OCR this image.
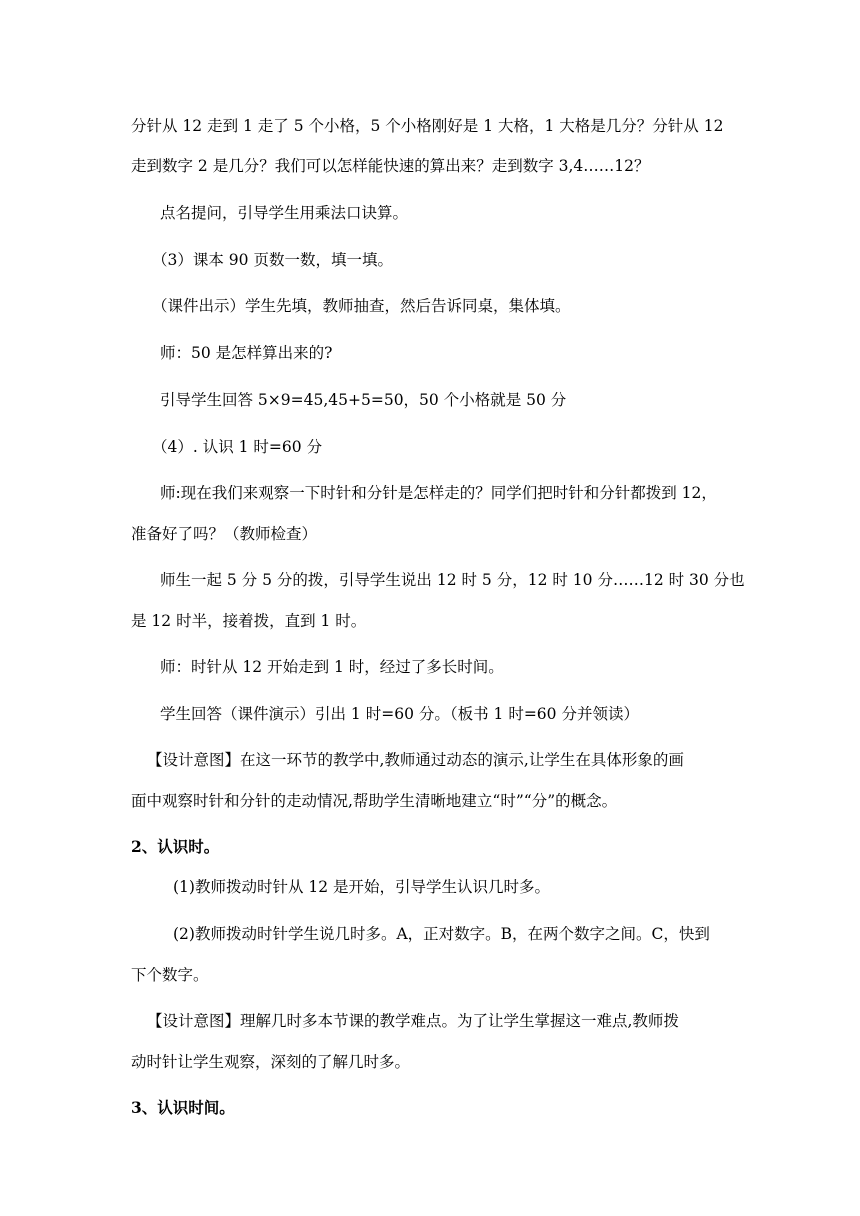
分针从 12 走到 1 走了 5 个小格，5 个小格刚好是 1 大格，1 大格是几分？分针从 12
走到数字 2 是几分？我们可以怎样能快速的算出来？走到数字 3,4……12？
点名提问，引导学生用乘法口诀算。
（3）课本 90 页数一数，填一填。
（课件出示）学生先填，教师抽查，然后告诉同桌，集体填。
师：50 是怎样算出来的?
引导学生回答 5×9=45,45+5=50，50 个小格就是 50 分
（4）. 认识 1 时=60 分
师:现在我们来观察一下时针和分针是怎样走的？同学们把时针和分针都拨到 12，
准备好了吗？（教师检查）
师生一起 5 分 5 分的拨，引导学生说出 12 时 5 分，12 时 10 分……12 时 30 分也
是 12 时半，接着拨，直到 1 时。
师：时针从 12 开始走到 1 时，经过了多长时间。
学生回答（课件演示）引出 1 时=60 分。（板书 1 时=60 分并领读）
【设计意图】在这一环节的教学中,教师通过动态的演示,让学生在具体形象的画
面中观察时针和分针的走动情况,帮助学生清晰地建立“时”“分”的概念。
2、认识时。
(1)教师拨动时针从 12 是开始，引导学生认识几时多。
(2)教师拨动时针学生说几时多。A，正对数字。B，在两个数字之间。C，快到
下个数字。
【设计意图】理解几时多本节课的教学难点。为了让学生掌握这一难点,教师拨
动时针让学生观察，深刻的了解几时多。
3、认识时间。
